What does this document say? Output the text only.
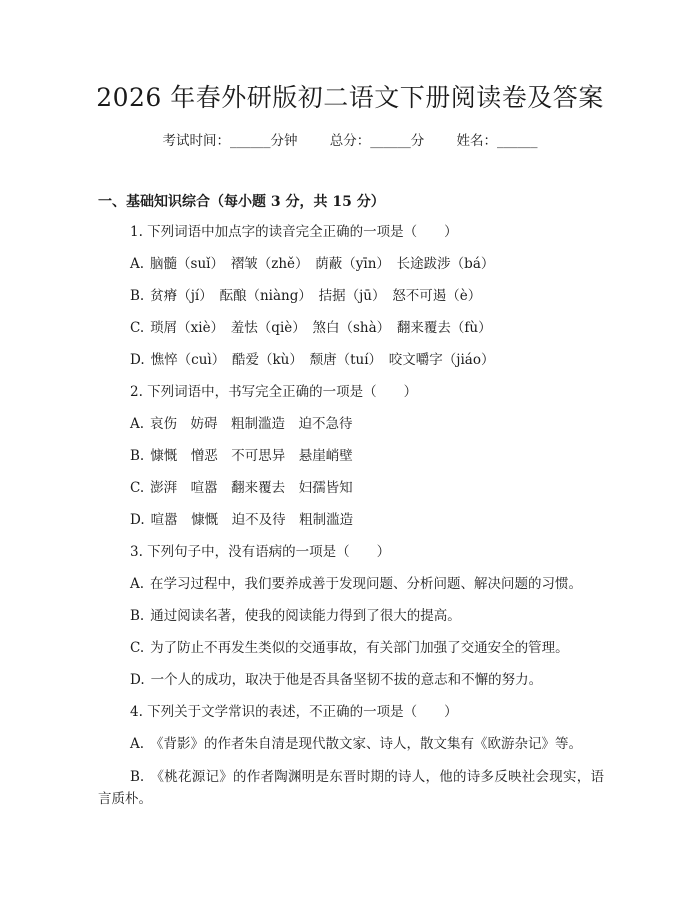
2026 年春外研版初二语文下册阅读卷及答案
考试时间：______分钟 总分：______分 姓名：______
一、基础知识综合（每小题 3 分，共 15 分）
1. 下列词语中加点字的读音完全正确的一项是（　　）
A. 脑髓（suǐ）　褶皱（zhě）　荫蔽（yīn）　长途跋涉（bá）
B. 贫瘠（jí）　酝酿（niàng）　拮据（jū）　怒不可遏（è）
C. 琐屑（xiè）　羞怯（qiè）　煞白（shà）　翻来覆去（fù）
D. 憔悴（cuì）　酷爱（kù）　颓唐（tuí）　咬文嚼字（jiáo）
2. 下列词语中，书写完全正确的一项是（　　）
A. 哀伤　妨碍　粗制滥造　迫不急待
B. 慷慨　憎恶　不可思异　悬崖峭壁
C. 澎湃　喧嚣　翻来覆去　妇孺皆知
D. 喧嚣　慷慨　迫不及待　粗制滥造
3. 下列句子中，没有语病的一项是（　　）
A. 在学习过程中，我们要养成善于发现问题、分析问题、解决问题的习惯。
B. 通过阅读名著，使我的阅读能力得到了很大的提高。
C. 为了防止不再发生类似的交通事故，有关部门加强了交通安全的管理。
D. 一个人的成功，取决于他是否具备坚韧不拔的意志和不懈的努力。
4. 下列关于文学常识的表述，不正确的一项是（　　）
A. 《背影》的作者朱自清是现代散文家、诗人，散文集有《欧游杂记》等。
B. 《桃花源记》的作者陶渊明是东晋时期的诗人，他的诗多反映社会现实，语言质朴。
